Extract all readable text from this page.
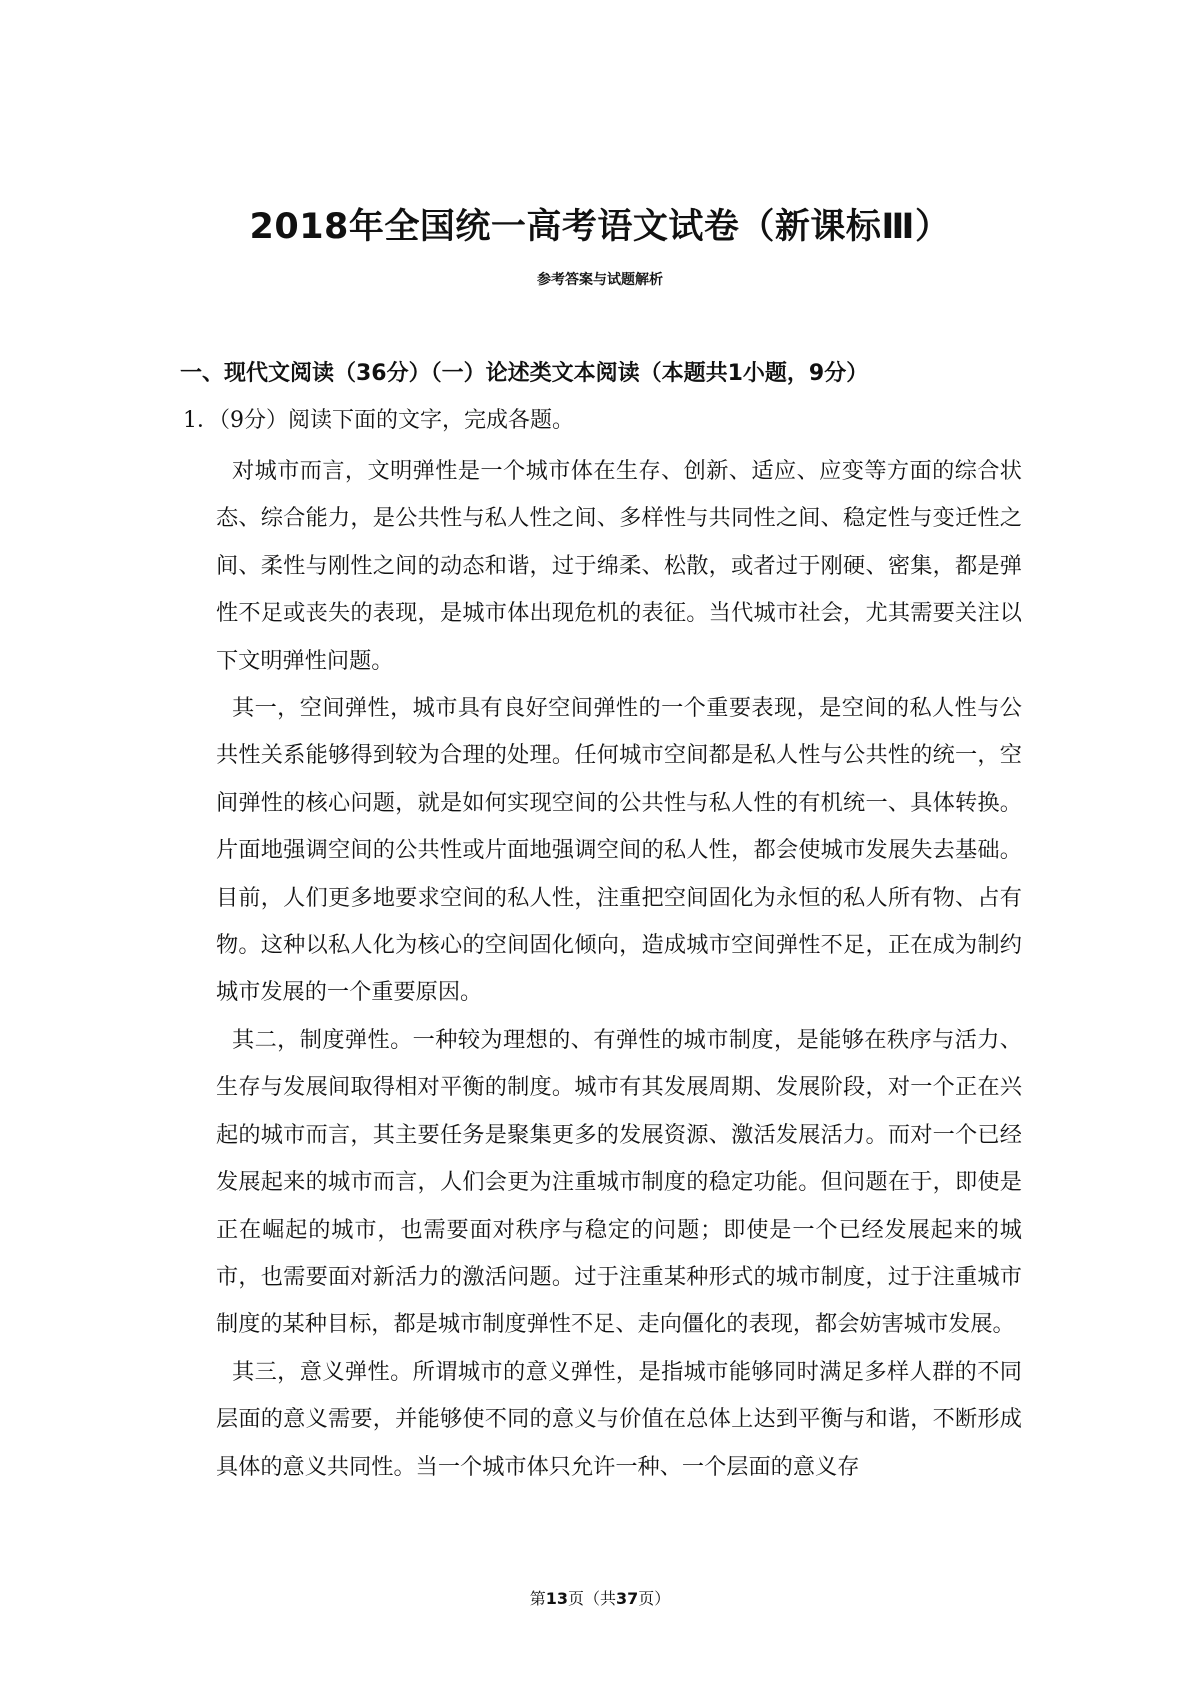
2018年全国统一高考语文试卷（新课标Ⅲ）
参考答案与试题解析
一、现代文阅读（36分）（一）论述类文本阅读（本题共1小题，9分）
1．（9分）阅读下面的文字，完成各题。

对城市而言，文明弹性是一个城市体在生存、创新、适应、应变等方面的综合状态、综合能力，是公共性与私人性之间、多样性与共同性之间、稳定性与变迁性之间、柔性与刚性之间的动态和谐，过于绵柔、松散，或者过于刚硬、密集，都是弹性不足或丧失的表现，是城市体出现危机的表征。当代城市社会，尤其需要关注以下文明弹性问题。

其一，空间弹性，城市具有良好空间弹性的一个重要表现，是空间的私人性与公共性关系能够得到较为合理的处理。任何城市空间都是私人性与公共性的统一，空间弹性的核心问题，就是如何实现空间的公共性与私人性的有机统一、具体转换。片面地强调空间的公共性或片面地强调空间的私人性，都会使城市发展失去基础。目前，人们更多地要求空间的私人性，注重把空间固化为永恒的私人所有物、占有物。这种以私人化为核心的空间固化倾向，造成城市空间弹性不足，正在成为制约城市发展的一个重要原因。

其二，制度弹性。一种较为理想的、有弹性的城市制度，是能够在秩序与活力、生存与发展间取得相对平衡的制度。城市有其发展周期、发展阶段，对一个正在兴起的城市而言，其主要任务是聚集更多的发展资源、激活发展活力。而对一个已经发展起来的城市而言，人们会更为注重城市制度的稳定功能。但问题在于，即使是正在崛起的城市，也需要面对秩序与稳定的问题；即使是一个已经发展起来的城市，也需要面对新活力的激活问题。过于注重某种形式的城市制度，过于注重城市制度的某种目标，都是城市制度弹性不足、走向僵化的表现，都会妨害城市发展。

其三，意义弹性。所谓城市的意义弹性，是指城市能够同时满足多样人群的不同层面的意义需要，并能够使不同的意义与价值在总体上达到平衡与和谐，不断形成具体的意义共同性。当一个城市体只允许一种、一个层面的意义存

第13页（共37页）
